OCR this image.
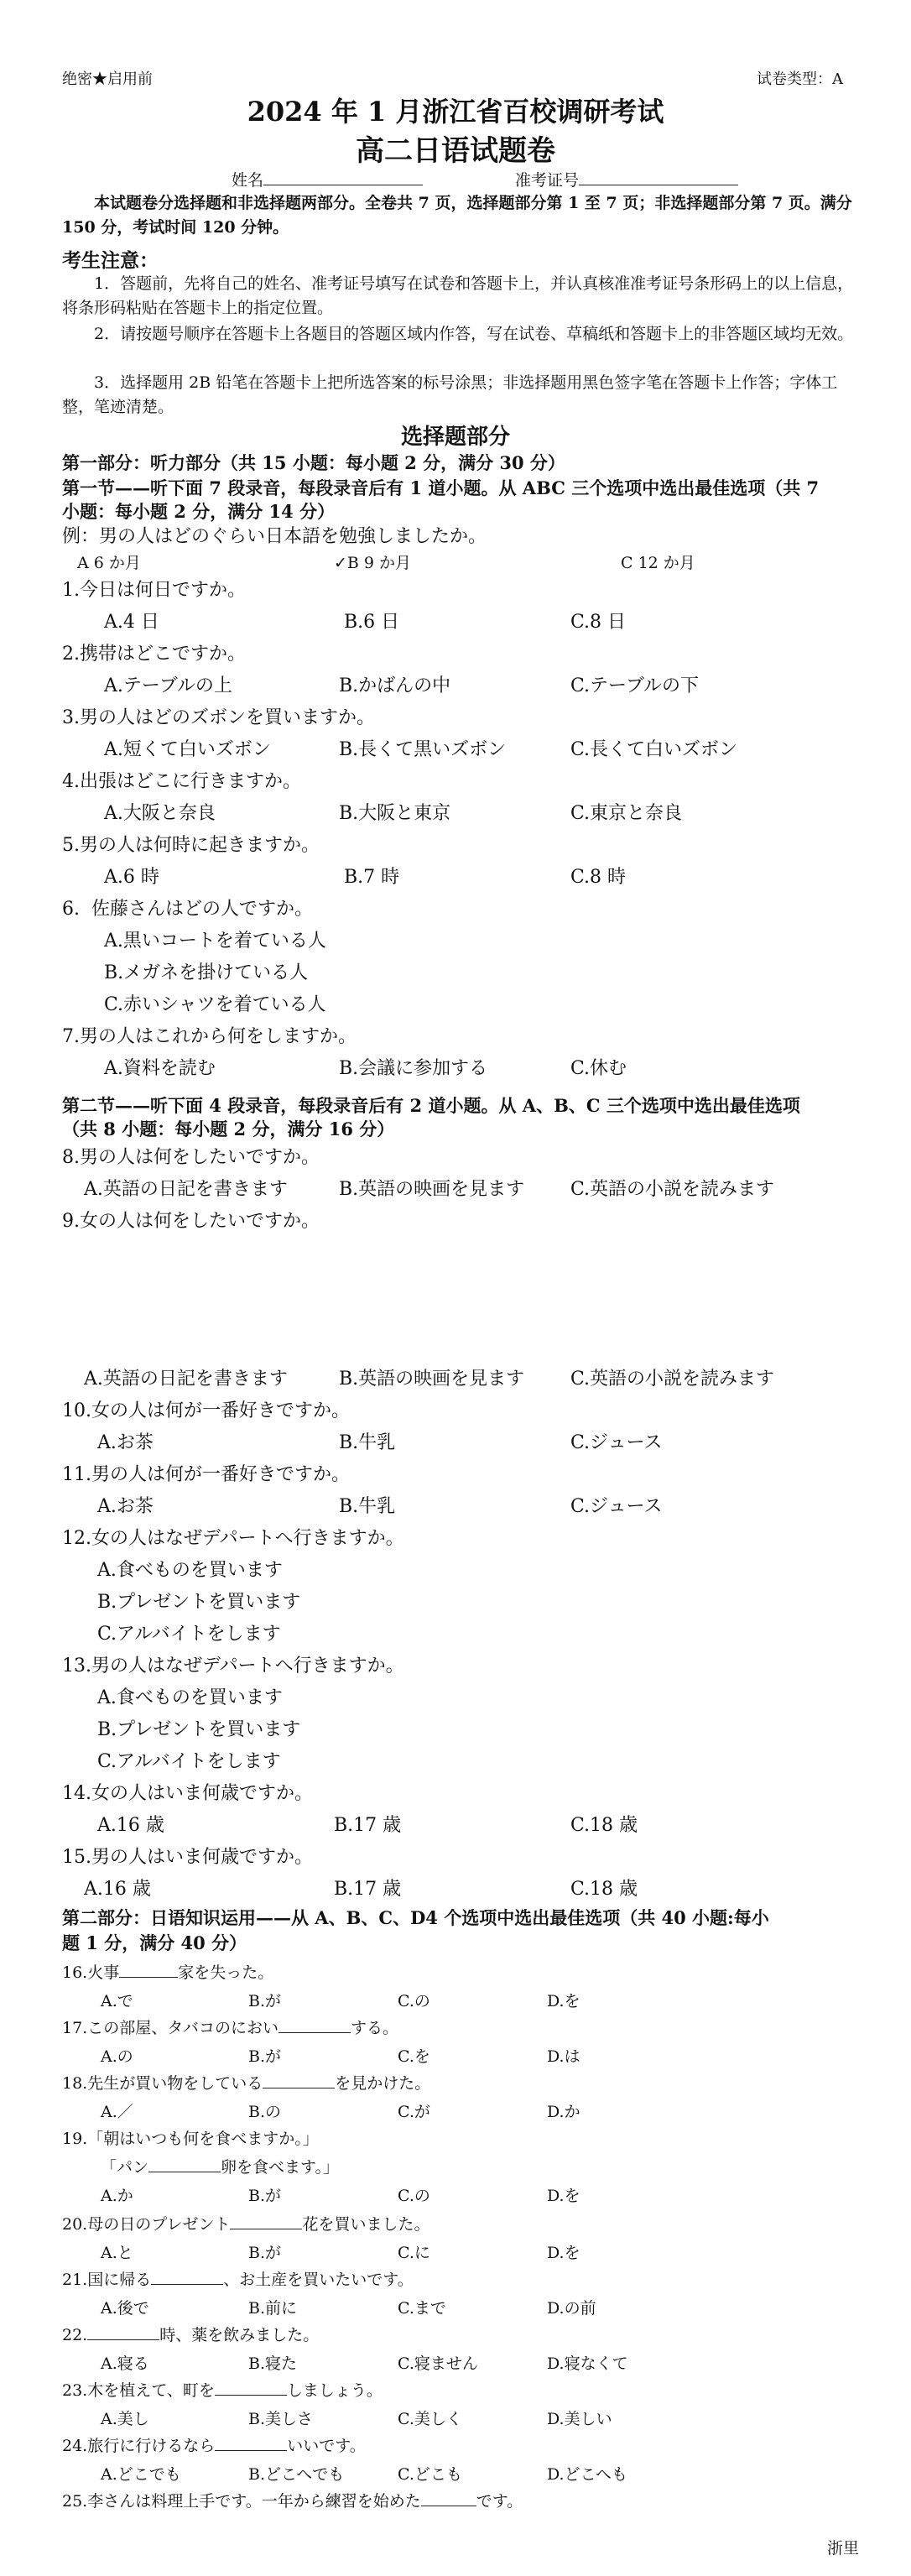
绝密★启用前	试卷类型：A
2024 年 1 月浙江省百校调研考试
高二日语试题卷
姓名	准考证号
本试题卷分选择题和非选择题两部分。全卷共 7 页，选择题部分第 1 至 7 页；非选择题部分第 7 页。满分 150 分，考试时间 120 分钟。
考生注意：
1．答题前，先将自己的姓名、准考证号填写在试卷和答题卡上，并认真核准准考证号条形码上的以上信息，将条形码粘贴在答题卡上的指定位置。
2．请按题号顺序在答题卡上各题目的答题区域内作答，写在试卷、草稿纸和答题卡上的非答题区域均无效。
3．选择题用 2B 铅笔在答题卡上把所选答案的标号涂黑；非选择题用黑色签字笔在答题卡上作答；字体工整，笔迹清楚。
选择题部分
第一部分：听力部分（共 15 小题：每小题 2 分，满分 30 分）
第一节——听下面 7 段录音，每段录音后有 1 道小题。从 ABC 三个选项中选出最佳选项（共 7
小题：每小题 2 分，满分 14 分）
例：男の人はどのぐらい日本語を勉強しましたか。
A 6 か月	✓B 9 か月	C 12 か月
1.今日は何日ですか。
A.4 日	B.6 日	C.8 日
2.携帯はどこですか。
A.テーブルの上	B.かばんの中	C.テーブルの下
3.男の人はどのズボンを買いますか。
A.短くて白いズボン	B.長くて黒いズボン	C.長くて白いズボン
4.出張はどこに行きますか。
A.大阪と奈良	B.大阪と東京	C.東京と奈良
5.男の人は何時に起きますか。
A.6 時	B.7 時	C.8 時
6.  佐藤さんはどの人ですか。
A.黒いコートを着ている人
B.メガネを掛けている人
C.赤いシャツを着ている人
7.男の人はこれから何をしますか。
A.資料を読む	B.会議に参加する	C.休む
第二节——听下面 4 段录音，每段录音后有 2 道小题。从 A、B、C 三个选项中选出最佳选项
（共 8 小题：每小题 2 分，满分 16 分）
8.男の人は何をしたいですか。
A.英語の日記を書きます	B.英語の映画を見ます C.英語の小説を読みます
9.女の人は何をしたいですか。
A.英語の日記を書きます	B.英語の映画を見ます C.英語の小説を読みます
10.女の人は何が一番好きですか。
A.お茶	B.牛乳	C.ジュース
11.男の人は何が一番好きですか。
A.お茶	B.牛乳	C.ジュース
12.女の人はなぜデパートへ行きますか。
A.食べものを買います
B.プレゼントを買います
C.アルバイトをします
13.男の人はなぜデパートへ行きますか。
A.食べものを買います
B.プレゼントを買います
C.アルバイトをします
14.女の人はいま何歳ですか。
A.16 歳	B.17 歳	C.18 歳
15.男の人はいま何歳ですか。
A.16 歳	B.17 歳	C.18 歳
第二部分：日语知识运用——从 A、B、C、D4 个选项中选出最佳选项（共 40 小题:每小
题 1 分，满分 40 分）
16.火事	家を失った。
A.で	B.が	C.の	D.を
17.この部屋、タバコのにおい	する。
A.の	B.が	C.を	D.は
18.先生が買い物をしている	を見かけた。
A.／	B.の	C.が	D.か
19.「朝はいつも何を食べますか。」
「パン	卵を食べます。」
A.か	B.が	C.の	D.を
20.母の日のプレゼント	花を買いました。
A.と	B.が	C.に	D.を
21.国に帰る	、お土産を買いたいです。
A.後で	B.前に	C.まで	D.の前
22.	時、薬を飲みました。
A.寝る	B.寝た	C.寝ません	D.寝なくて
23.木を植えて、町を	しましょう。
A.美し	B.美しさ	C.美しく	D.美しい
24.旅行に行けるなら	いいです。
A.どこでも	B.どこへでも	C.どこも	D.どこへも
25.李さんは料理上手です。一年から練習を始めた	です。
浙里
